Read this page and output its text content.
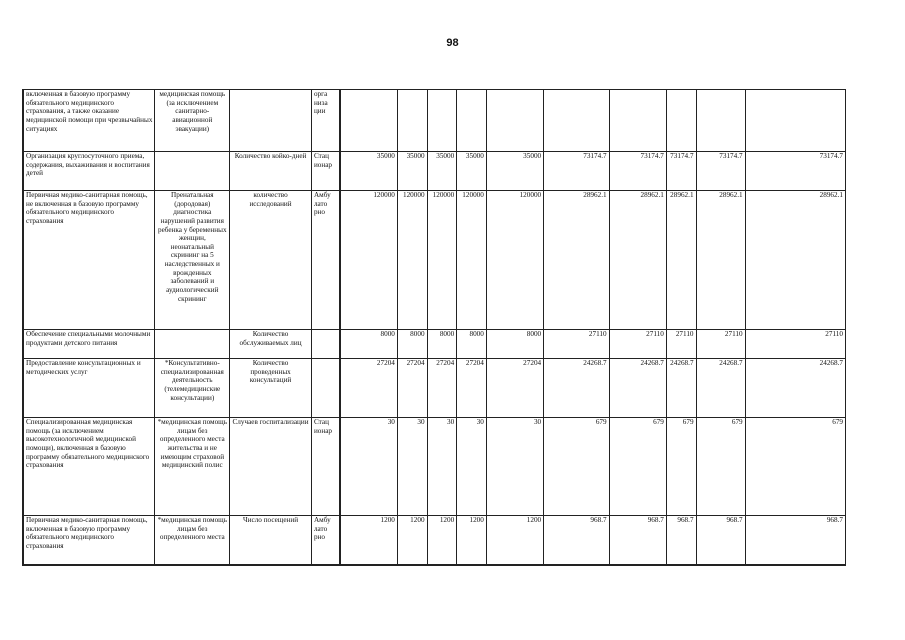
98
включенная в базовую программу обязательного медицинского страхования, а также оказание медицинской помощи при чрезвычайных ситуациях	медицинская помощь (за исключением санитарно-авиационной эвакуации)		орга низа ции										
Организация круглосуточного приема, содержания, выхаживания и воспитания детей		Количество койко-дней	Стац ионар	35000	35000	35000	35000	35000	73174.7	73174.7	73174.7	73174.7	73174.7
Первичная медико-санитарная помощь, не включенная в базовую программу обязательного медицинского страхования	Пренатальная (дородовая) диагностика нарушений развития ребенка у беременных женщин, неонатальный скрининг на 5 наследственных и врожденных заболеваний и аудиологический скрининг	количество исследований	Амбу лато рно	120000	120000	120000	120000	120000	28962.1	28962.1	28962.1	28962.1	28962.1
Обеспечение специальными молочными продуктами детского питания		Количество обслуживаемых лиц		8000	8000	8000	8000	8000	27110	27110	27110	27110	27110
Предоставление консультационных и методических услуг	*Консультативно-специализированная деятельность (телемедицинские консультации)	Количество проведенных консультаций		27204	27204	27204	27204	27204	24268.7	24268.7	24268.7	24268.7	24268.7
Специализированная медицинская помощь (за исключением высокотехнологичной медицинской помощи), включенная в базовую программу обязательного медицинского страхования	*медицинская помощь лицам без определенного места жительства и не имеющим страховой медицинский полис	Случаев госпитализации	Стац ионар	30	30	30	30	30	679	679	679	679	679
Первичная медико-санитарная помощь, включенная в базовую программу обязательного медицинского страхования	*медицинская помощь лицам без определенного места	Число посещений	Амбу лато рно	1200	1200	1200	1200	1200	968.7	968.7	968.7	968.7	968.7
